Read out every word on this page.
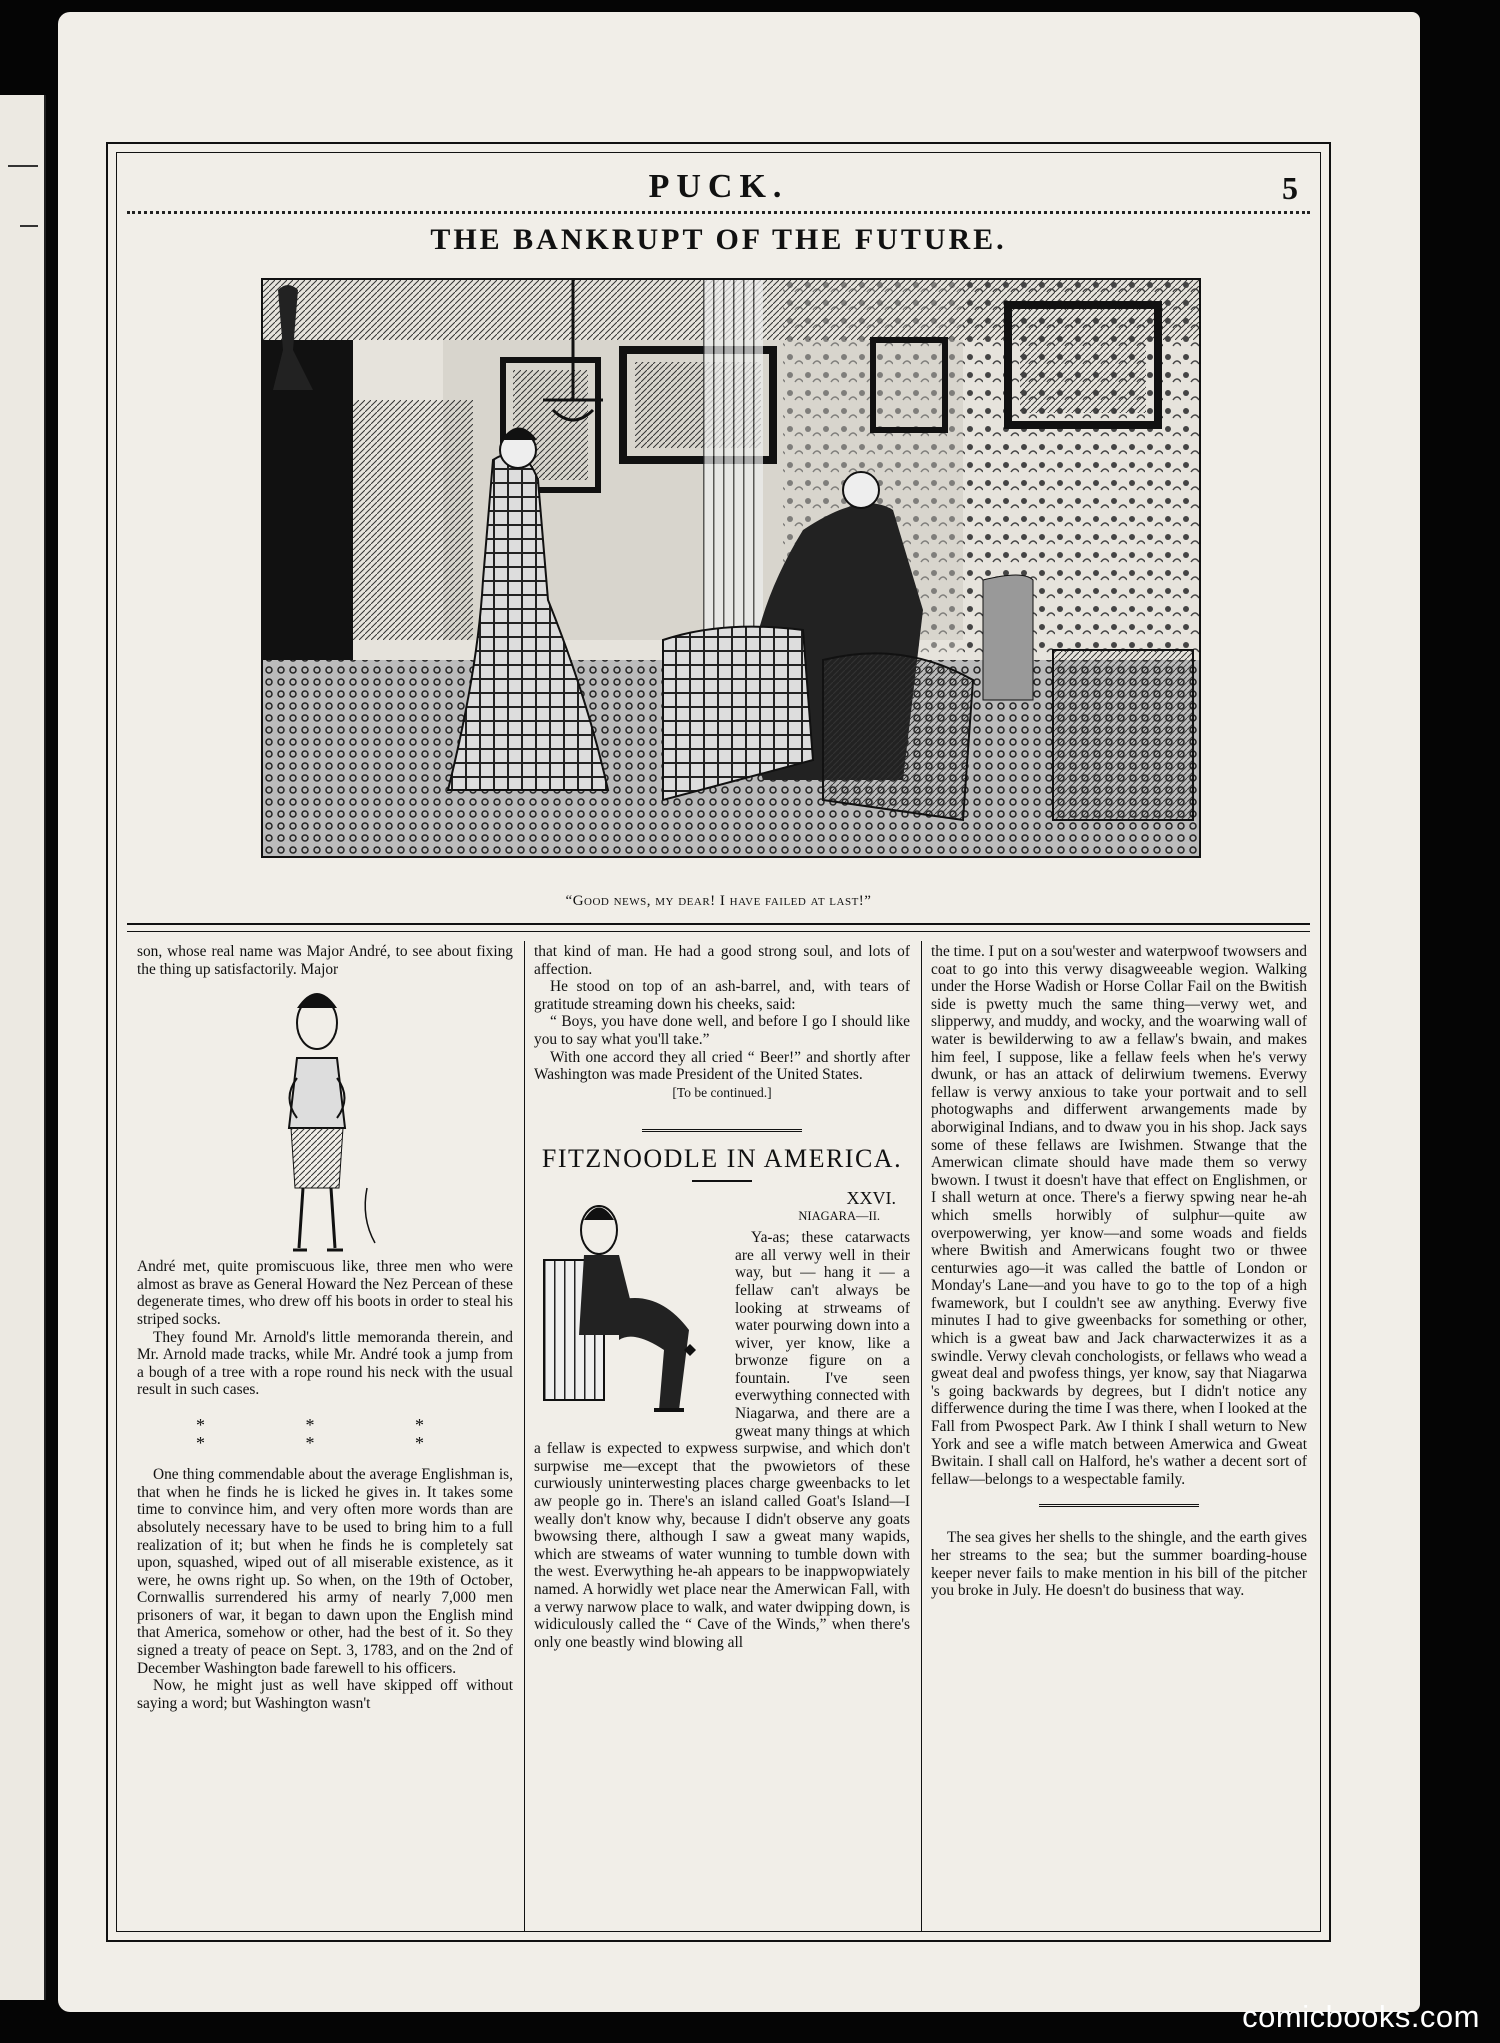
PUCK.	5
THE BANKRUPT OF THE FUTURE.
“Good news, my dear! I have failed at last!”

son, whose real name was Major André, to see about fixing the thing up satisfactorily. Major

André met, quite promiscuous like, three men who were almost as brave as General Howard the Nez Percean of these degenerate times, who drew off his boots in order to steal his striped socks.

They found Mr. Arnold's little memoranda therein, and Mr. Arnold made tracks, while Mr. André took a jump from a bough of a tree with a rope round his neck with the usual result in such cases.

* * * * * *

One thing commendable about the average Englishman is, that when he finds he is licked he gives in. It takes some time to convince him, and very often more words than are absolutely necessary have to be used to bring him to a full realization of it; but when he finds he is completely sat upon, squashed, wiped out of all miserable existence, as it were, he owns right up. So when, on the 19th of October, Cornwallis surrendered his army of nearly 7,000 men prisoners of war, it began to dawn upon the English mind that America, somehow or other, had the best of it. So they signed a treaty of peace on Sept. 3, 1783, and on the 2nd of December Washington bade farewell to his officers.

Now, he might just as well have skipped off without saying a word; but Washington wasn't

that kind of man. He had a good strong soul, and lots of affection.

He stood on top of an ash-barrel, and, with tears of gratitude streaming down his cheeks, said:

“ Boys, you have done well, and before I go I should like you to say what you'll take.”

With one accord they all cried “ Beer!” and shortly after Washington was made President of the United States.

[To be continued.]

FITZNOODLE IN AMERICA.
XXVI.
NIAGARA—II.

Ya-as; these catarwacts are all verwy well in their way, but — hang it — a fellaw can't always be looking at strweams of water pourwing down into a wiver, yer know, like a brwonze figure on a fountain. I've seen everwything connected with Niagarwa, and there are a gweat many things at which a fellaw is expected to expwess surpwise, and which don't surpwise me—except that the pwowietors of these curwiously uninterwesting places charge gweenbacks to let aw people go in. There's an island called Goat's Island—I weally don't know why, because I didn't observe any goats bwowsing there, although I saw a gweat many wapids, which are stweams of water wunning to tumble down with the west. Everwything he-ah appears to be inappwopwiately named. A horwidly wet place near the Amerwican Fall, with a verwy narwow place to walk, and water dwipping down, is widiculously called the “ Cave of the Winds,” when there's only one beastly wind blowing all

the time. I put on a sou'wester and waterpwoof twowsers and coat to go into this verwy disagweeable wegion. Walking under the Horse Wadish or Horse Collar Fail on the Bwitish side is pwetty much the same thing—verwy wet, and slipperwy, and muddy, and wocky, and the woarwing wall of water is bewilderwing to aw a fellaw's bwain, and makes him feel, I suppose, like a fellaw feels when he's verwy dwunk, or has an attack of delirwium twemens. Everwy fellaw is verwy anxious to take your portwait and to sell photogwaphs and differwent arwangements made by aborwiginal Indians, and to dwaw you in his shop. Jack says some of these fellaws are Iwishmen. Stwange that the Amerwican climate should have made them so verwy bwown. I twust it doesn't have that effect on Englishmen, or I shall weturn at once. There's a fierwy spwing near he-ah which smells horwibly of sulphur—quite aw overpowerwing, yer know—and some woads and fields where Bwitish and Amerwicans fought two or thwee centurwies ago—it was called the battle of London or Monday's Lane—and you have to go to the top of a high fwamework, but I couldn't see aw anything. Everwy five minutes I had to give gweenbacks for something or other, which is a gweat baw and Jack charwacterwizes it as a swindle. Verwy clevah conchologists, or fellaws who wead a gweat deal and pwofess things, yer know, say that Niagarwa 's going backwards by degrees, but I didn't notice any differwence during the time I was there, when I looked at the Fall from Pwospect Park. Aw I think I shall weturn to New York and see a wifle match between Amerwica and Gweat Bwitain. I shall call on Halford, he's wather a decent sort of fellaw—belongs to a wespectable family.

The sea gives her shells to the shingle, and the earth gives her streams to the sea; but the summer boarding-house keeper never fails to make mention in his bill of the pitcher you broke in July. He doesn't do business that way.

comicbooks.com
